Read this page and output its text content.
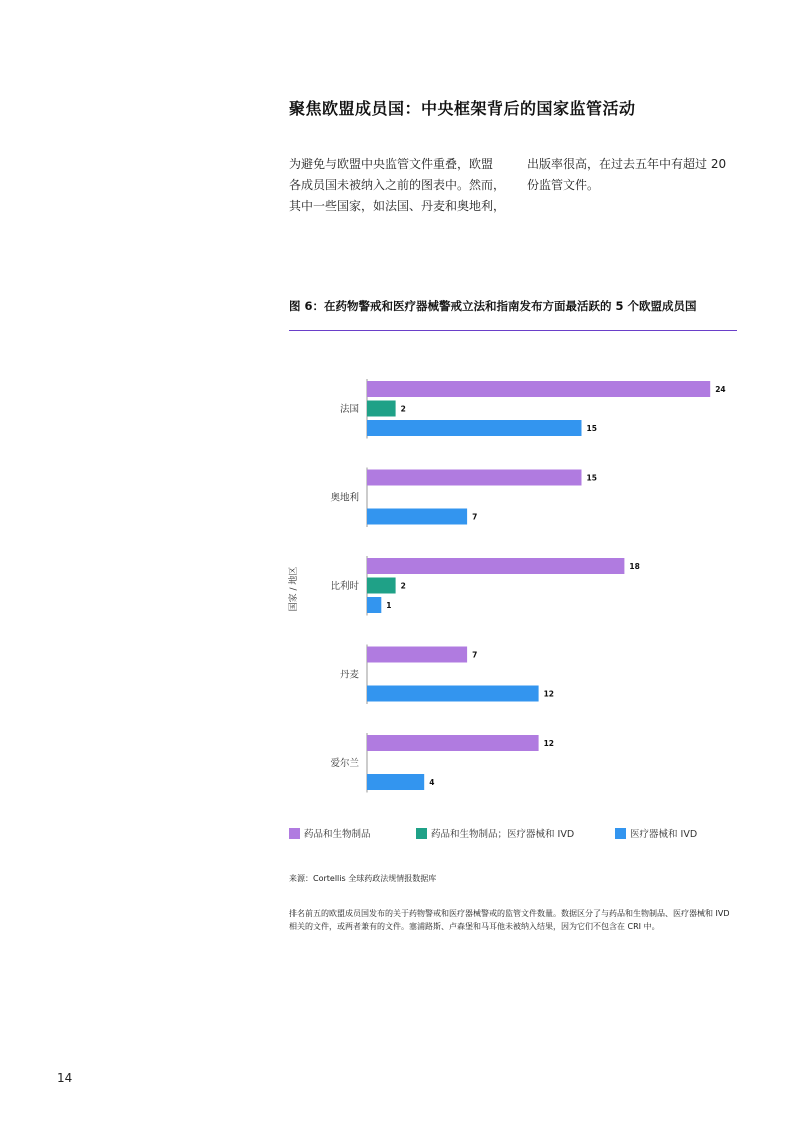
聚焦欧盟成员国：中央框架背后的国家监管活动
为避免与欧盟中央监管文件重叠，欧盟
各成员国未被纳入之前的图表中。然而，
其中一些国家，如法国、丹麦和奥地利，
出版率很高，在过去五年中有超过 20
份监管文件。
图 6：在药物警戒和医疗器械警戒立法和指南发布方面最活跃的 5 个欧盟成员国
国家 / 地区
法国
24
2
15
奥地利
15
7
比利时
18
2
1
丹麦
7
12
爱尔兰
12
4
药品和生物制品	药品和生物制品；医疗器械和 IVD	医疗器械和 IVD
来源：Cortellis 全球药政法规情报数据库
排名前五的欧盟成员国发布的关于药物警戒和医疗器械警戒的监管文件数量。数据区分了与药品和生物制品、医疗器械和 IVD
相关的文件，或两者兼有的文件。塞浦路斯、卢森堡和马耳他未被纳入结果，因为它们不包含在 CRI 中。
14
